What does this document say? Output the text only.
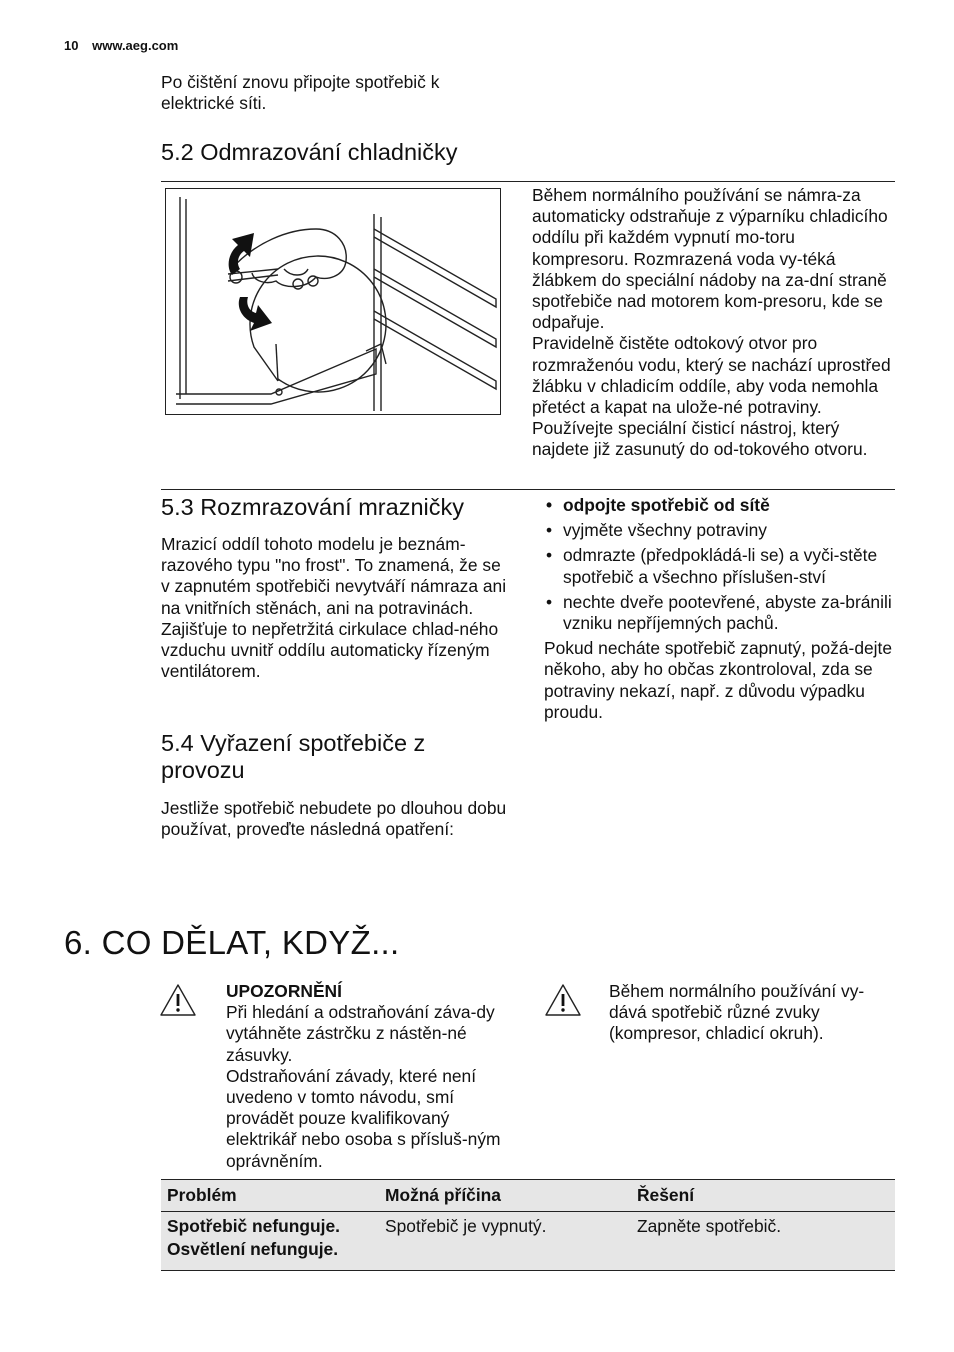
10 www.aeg.com
Po čištění znovu připojte spotřebič k elektrické síti.
5.2 Odmrazování chladničky
Během normálního používání se námra-za automaticky odstraňuje z výparníku chladicího oddílu při každém vypnutí mo-toru kompresoru. Rozmrazená voda vy-téká žlábkem do speciální nádoby na za-dní straně spotřebiče nad motorem kom-presoru, kde se odpařuje.
Pravidelně čistěte odtokový otvor pro rozmraženóu vodu, který se nachází uprostřed žlábku v chladicím oddíle, aby voda nemohla přetéct a kapat na ulože-né potraviny. Používejte speciální čisticí nástroj, který najdete již zasunutý do od-tokového otvoru.
5.3 Rozmrazování mrazničky
Mrazicí oddíl tohoto modelu je beznám-razového typu "no frost". To znamená, že se v zapnutém spotřebiči nevytváří námraza ani na vnitřních stěnách, ani na potravinách.
Zajišťuje to nepřetržitá cirkulace chlad-ného vzduchu uvnitř oddílu automaticky řízeným ventilátorem.
5.4 Vyřazení spotřebiče z
provozu
Jestliže spotřebič nebudete po dlouhou dobu používat, proveďte následná opatření:
• odpojte spotřebič od sítě
• vyjměte všechny potraviny
• odmrazte (předpokládá-li se) a vyči-stěte spotřebič a všechno příslušen-ství
• nechte dveře pootevřené, abyste za-bránili vzniku nepříjemných pachů.
Pokud necháte spotřebič zapnutý, požá-dejte někoho, aby ho občas zkontroloval, zda se potraviny nekazí, např. z důvodu výpadku proudu.
6. CO DĚLAT, KDYŽ...
UPOZORNĚNÍ
Při hledání a odstraňování záva-dy vytáhněte zástrčku z nástěn-né zásuvky.
Odstraňování závady, které není uvedeno v tomto návodu, smí provádět pouze kvalifikovaný elektrikář nebo osoba s přísluš-ným oprávněním.
Během normálního používání vy-dává spotřebič různé zvuky (kompresor, chladicí okruh).
Problém	Možná příčina	Řešení

Spotřebič nefunguje.
Osvětlení nefunguje.	Spotřebič je vypnutý.	Zapněte spotřebič.
